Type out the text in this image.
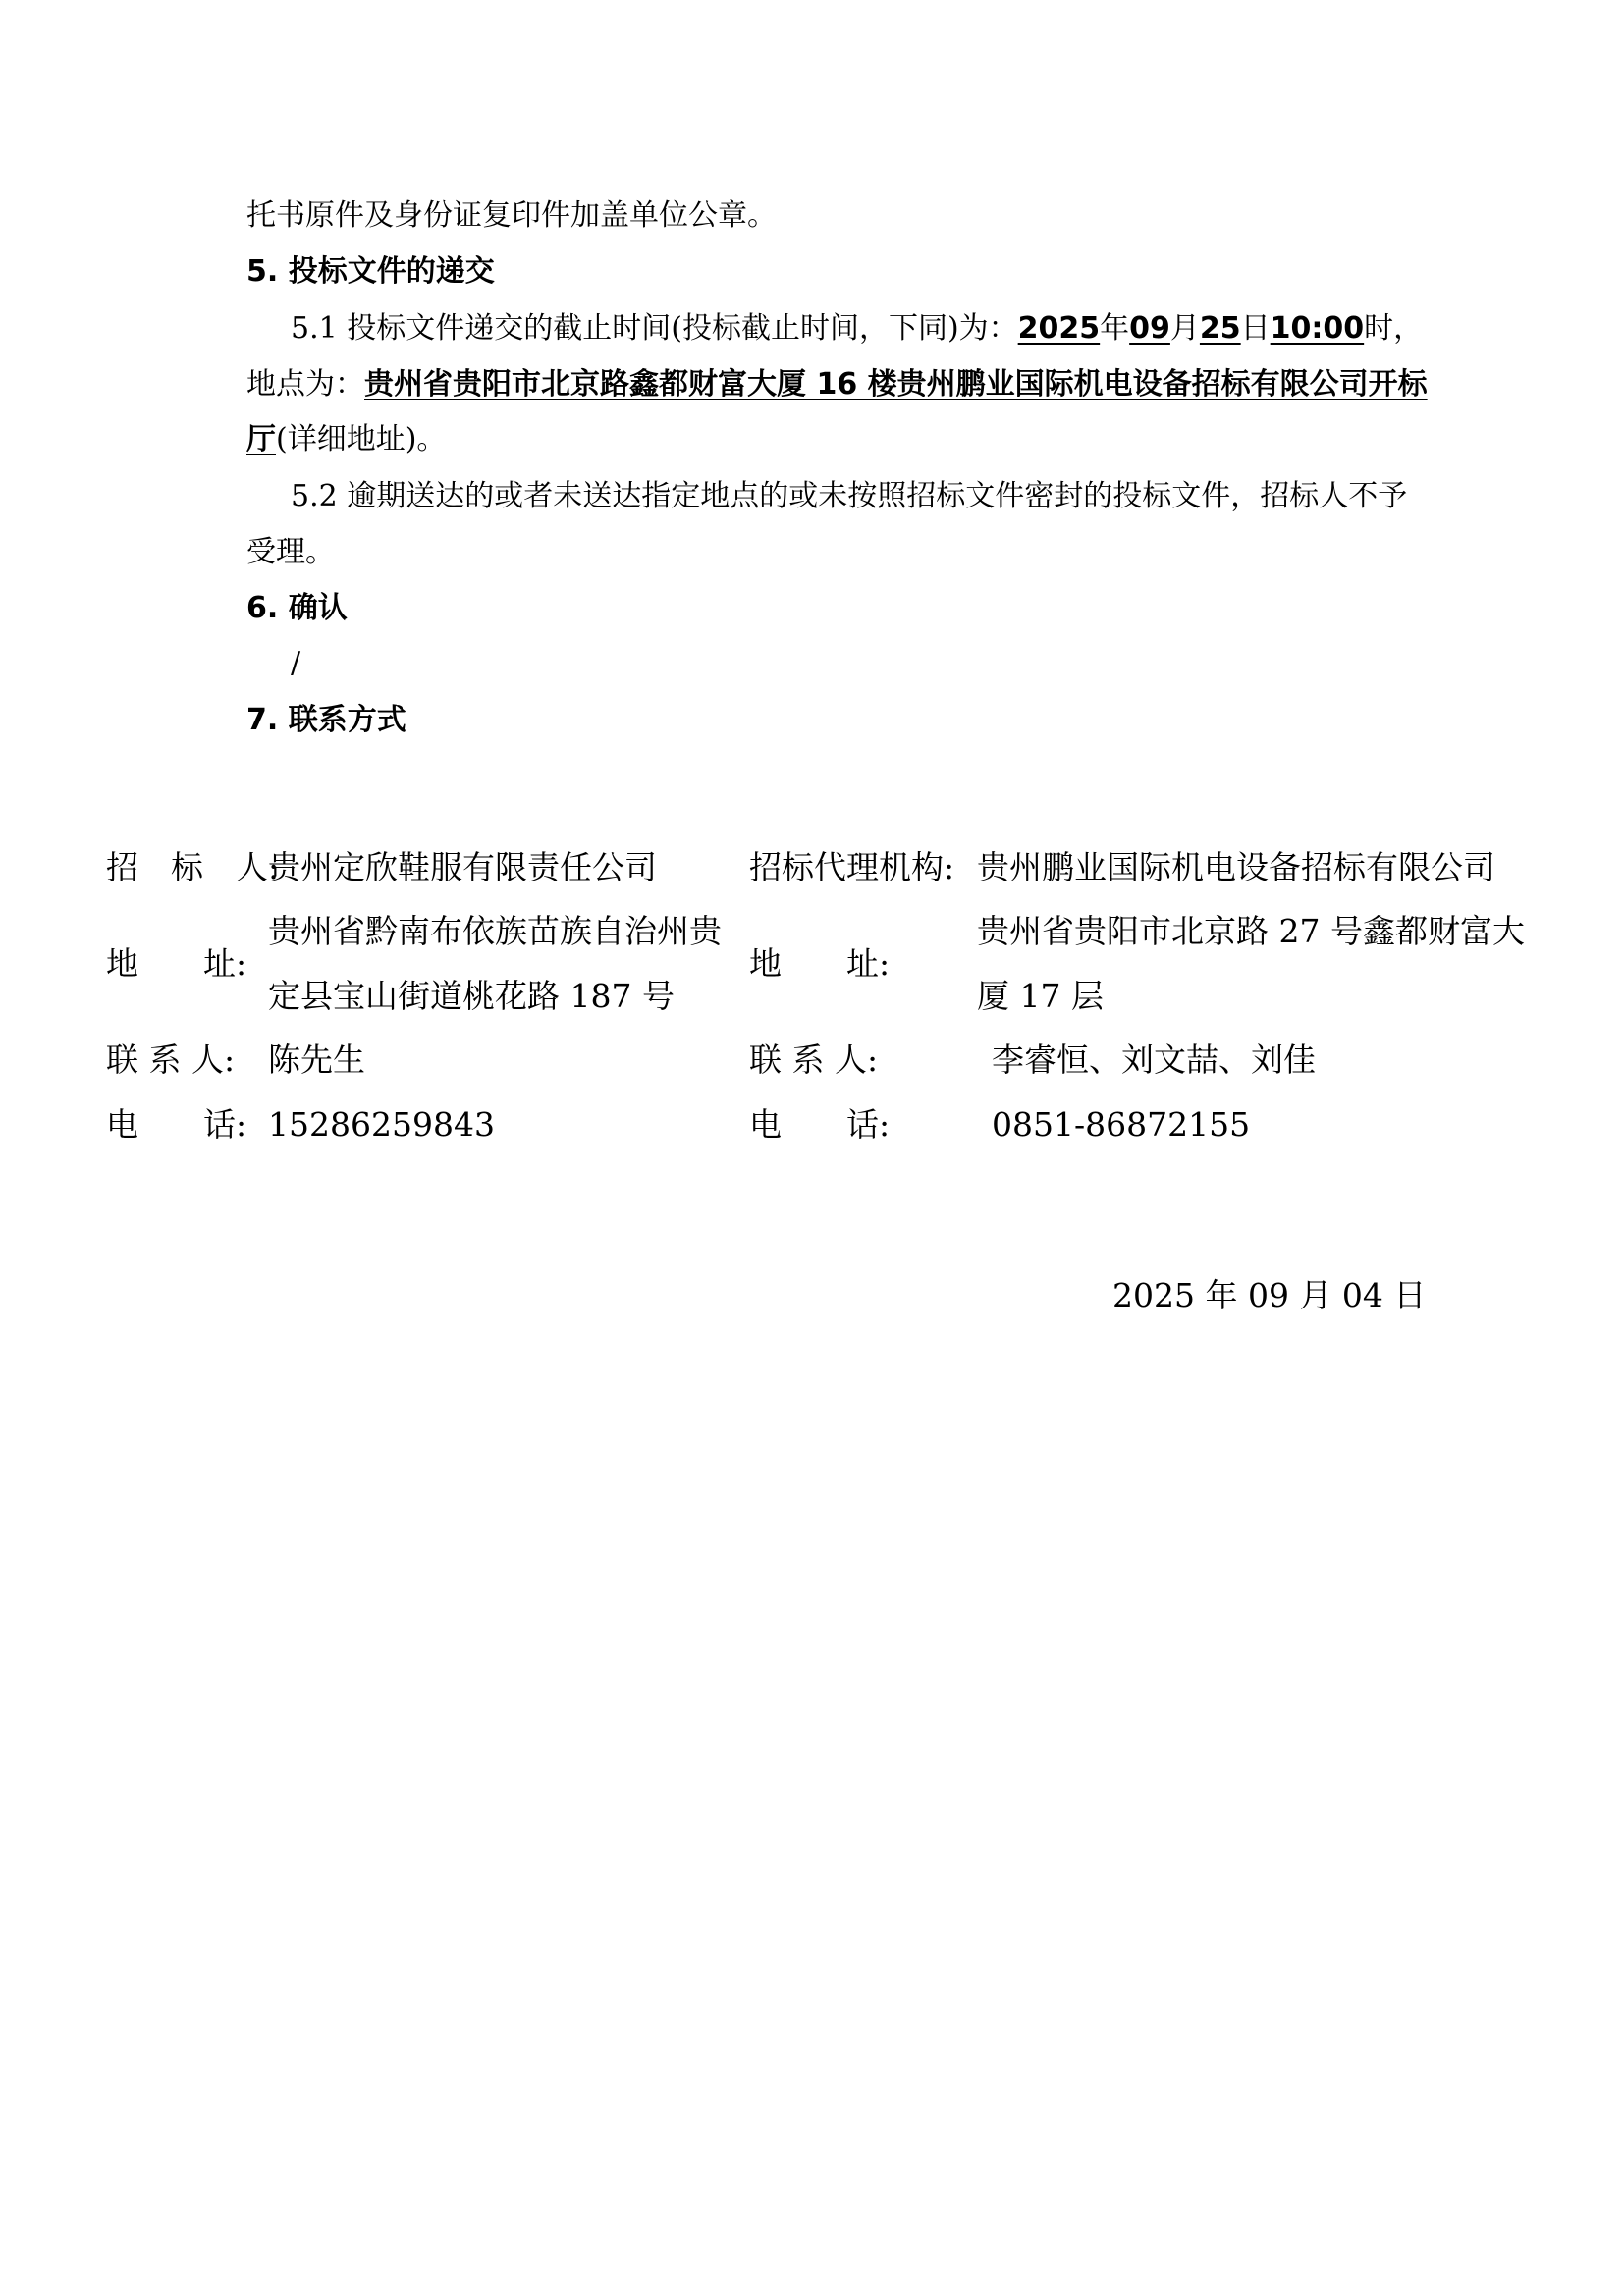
托书原件及身份证复印件加盖单位公章。
5. 投标文件的递交
5.1 投标文件递交的截止时间(投标截止时间，下同)为：2025年09月25日10:00时，
地点为：贵州省贵阳市北京路鑫都财富大厦 16 楼贵州鹏业国际机电设备招标有限公司开标
厅(详细地址)。
5.2 逾期送达的或者未送达指定地点的或未按照招标文件密封的投标文件，招标人不予
受理。
6. 确认
/
7. 联系方式
招　标　人:
贵州定欣鞋服有限责任公司
地　　址:
贵州省黔南布依族苗族自治州贵
定县宝山街道桃花路 187 号
联 系 人: 陈先生
电　　话: 15286259843
招标代理机构: 贵州鹏业国际机电设备招标有限公司
地　　址:
贵州省贵阳市北京路 27 号鑫都财富大
厦 17 层
联 系 人:	李睿恒、刘文喆、刘佳
电　　话:	0851-86872155
2025 年 09 月 04 日
